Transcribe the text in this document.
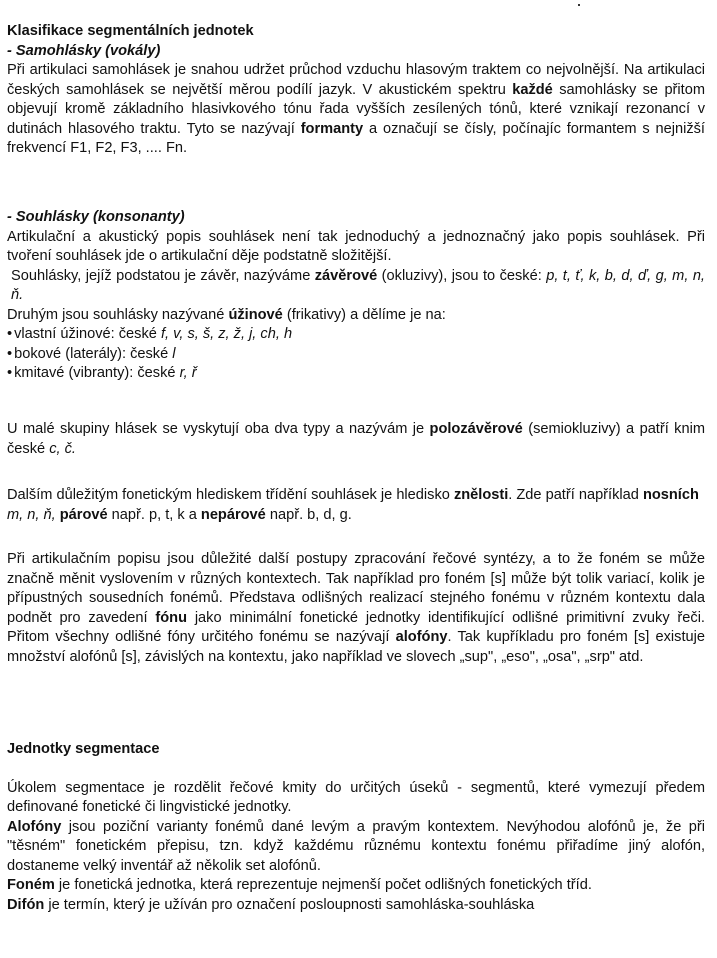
Klasifikace segmentálních jednotek
- Samohlásky (vokály)
Při artikulaci samohlásek je snahou udržet průchod vzduchu hlasovým traktem co nejvolnější. Na artikulaci českých samohlásek se největší měrou podílí jazyk. V akustickém spektru každé samohlásky se přitom objevují kromě základního hlasivkového tónu řada vyšších zesílených tónů, které vznikají rezonancí v dutinách hlasového traktu. Tyto se nazývají formanty a označují se čísly, počínajíc formantem s nejnižší frekvencí F1, F2, F3, .... Fn.
- Souhlásky (konsonanty)
Artikulační a akustický popis souhlásek není tak jednoduchý a jednoznačný jako popis souhlásek. Při tvoření souhlásek jde o artikulační děje podstatně složitější.
Souhlásky, jejíž podstatou je závěr, nazýváme závěrové (okluzivy), jsou to české: p, t, ť, k, b, d, ď, g, m, n, ň.
Druhým jsou souhlásky nazývané úžinové (frikativy) a dělíme je na:
• vlastní úžinové: české f, v, s, š, z, ž, j, ch, h
• bokové (laterály): české l
• kmitavé (vibranty): české r, ř
U malé skupiny hlásek se vyskytují oba dva typy a nazývám je polozávěrové (semiokluzivy) a patří knim české c, č.
Dalším důležitým fonetickým hlediskem třídění souhlásek je hledisko znělosti. Zde patří například nosních m, n, ň, párové např. p, t, k a nepárové např. b, d, g.
Při artikulačním popisu jsou důležité další postupy zpracování řečové syntézy, a to že foném se může značně měnit vyslovením v různých kontextech. Tak například pro foném [s] může být tolik variací, kolik je přípustných sousedních fonémů. Představa odlišných realizací stejného fonému v různém kontextu dala podnět pro zavedení fónu jako minimální fonetické jednotky identifikující odlišné primitivní zvuky řeči. Přitom všechny odlišné fóny určitého fonému se nazývají alofóny. Tak kupříkladu pro foném [s] existuje množství alofónů [s], závislých na kontextu, jako například ve slovech „sup", „eso", „osa", „srp" atd.
Jednotky segmentace
Úkolem segmentace je rozdělit řečové kmity do určitých úseků - segmentů, které vymezují předem definované fonetické či lingvistické jednotky.
Alofóny jsou poziční varianty fonémů dané levým a pravým kontextem. Nevýhodou alofónů je, že při "těsném" fonetickém přepisu, tzn. když každému různému kontextu fonému přiřadíme jiný alofón, dostaneme velký inventář až několik set alofónů.
Foném je fonetická jednotka, která reprezentuje nejmenší počet odlišných fonetických tříd.
Difón je termín, který je užíván pro označení posloupnosti samohláska-souhláska
